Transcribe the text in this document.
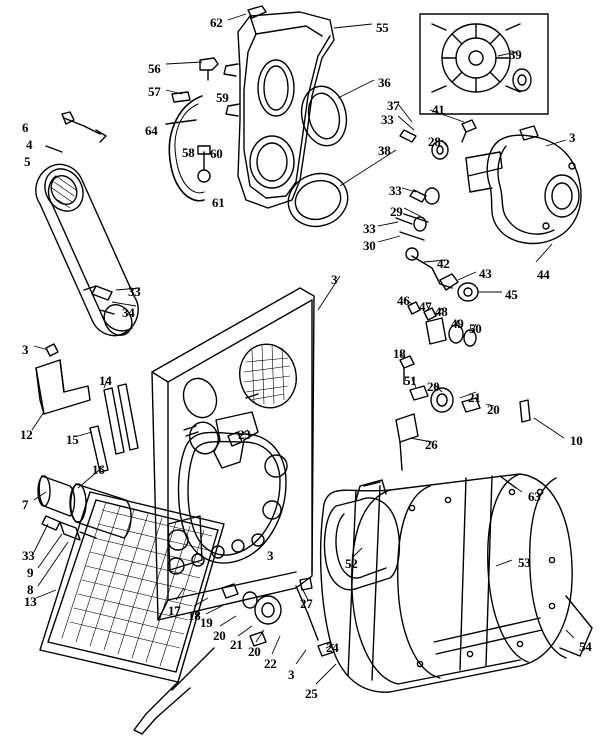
62	55
39
56
36
57	59
37 41
33
64
28	3
6
58 60
4	38
5
61
33
29
33
30
44
42
43
45
3
33
34
46 47 48
49 50
3	18
51 20
14
21
12
20
15	23	10
26
16
63
7
52	53
33
9
8
3
13
17 18 19
27
54
20
21 20	24
22
3
25
